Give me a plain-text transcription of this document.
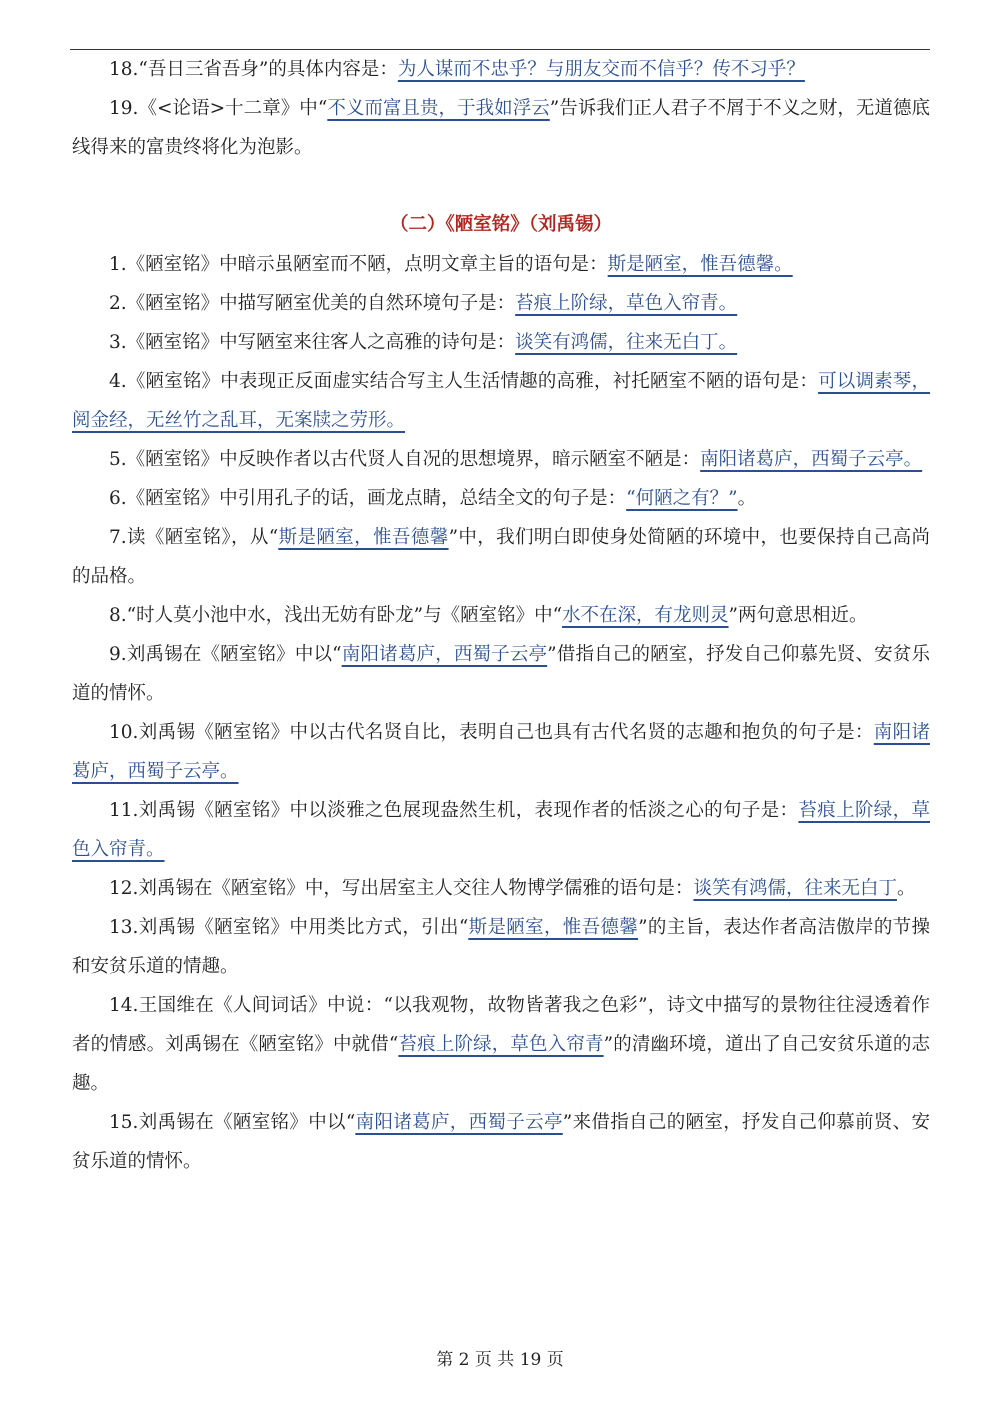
18.“吾日三省吾身”的具体内容是：为人谋而不忠乎？与朋友交而不信乎？传不习乎？

19.《<论语>十二章》中“不义而富且贵，于我如浮云”告诉我们正人君子不屑于不义之财，无道德底线得来的富贵终将化为泡影。

（二）《陋室铭》（刘禹锡）

1.《陋室铭》中暗示虽陋室而不陋，点明文章主旨的语句是：斯是陋室，惟吾德馨。

2.《陋室铭》中描写陋室优美的自然环境句子是：苔痕上阶绿，草色入帘青。

3.《陋室铭》中写陋室来往客人之高雅的诗句是：谈笑有鸿儒，往来无白丁。

4.《陋室铭》中表现正反面虚实结合写主人生活情趣的高雅，衬托陋室不陋的语句是：可以调素琴，阅金经，无丝竹之乱耳，无案牍之劳形。

5.《陋室铭》中反映作者以古代贤人自况的思想境界，暗示陋室不陋是：南阳诸葛庐，西蜀子云亭。

6.《陋室铭》中引用孔子的话，画龙点睛，总结全文的句子是：“何陋之有？”。

7.读《陋室铭》，从“斯是陋室，惟吾德馨”中，我们明白即使身处简陋的环境中，也要保持自己高尚的品格。

8.“时人莫小池中水，浅出无妨有卧龙”与《陋室铭》中“水不在深，有龙则灵”两句意思相近。

9.刘禹锡在《陋室铭》中以“南阳诸葛庐，西蜀子云亭”借指自己的陋室，抒发自己仰慕先贤、安贫乐道的情怀。

10.刘禹锡《陋室铭》中以古代名贤自比，表明自己也具有古代名贤的志趣和抱负的句子是：南阳诸葛庐，西蜀子云亭。

11.刘禹锡《陋室铭》中以淡雅之色展现盎然生机，表现作者的恬淡之心的句子是：苔痕上阶绿，草色入帘青。

12.刘禹锡在《陋室铭》中，写出居室主人交往人物博学儒雅的语句是：谈笑有鸿儒，往来无白丁。

13.刘禹锡《陋室铭》中用类比方式，引出“斯是陋室，惟吾德馨”的主旨，表达作者高洁傲岸的节操和安贫乐道的情趣。

14.王国维在《人间词话》中说：“以我观物，故物皆著我之色彩”，诗文中描写的景物往往浸透着作者的情感。刘禹锡在《陋室铭》中就借“苔痕上阶绿，草色入帘青”的清幽环境，道出了自己安贫乐道的志趣。

15.刘禹锡在《陋室铭》中以“南阳诸葛庐，西蜀子云亭”来借指自己的陋室，抒发自己仰慕前贤、安贫乐道的情怀。

第 2 页 共 19 页
